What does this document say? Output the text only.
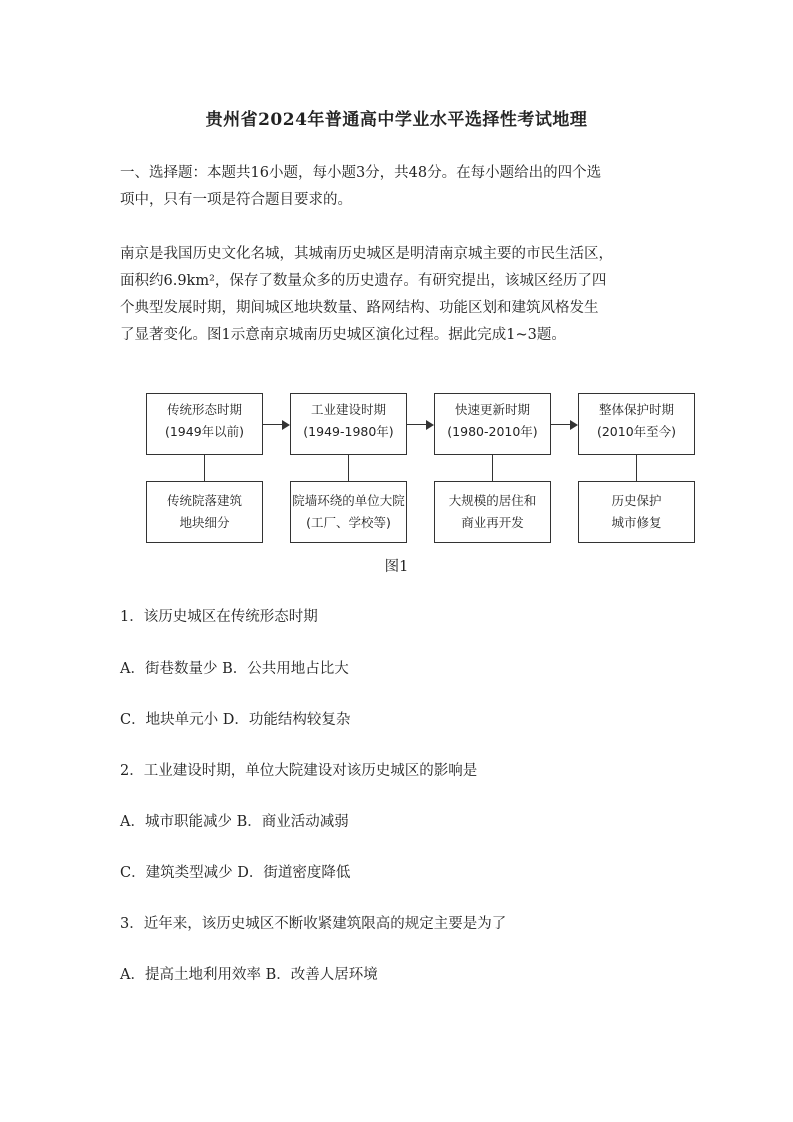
贵州省2024年普通高中学业水平选择性考试地理
一、选择题：本题共16小题，每小题3分，共48分。在每小题给出的四个选
项中，只有一项是符合题目要求的。
南京是我国历史文化名城，其城南历史城区是明清南京城主要的市民生活区，
面积约6.9km²，保存了数量众多的历史遗存。有研究提出，该城区经历了四
个典型发展时期，期间城区地块数量、路网结构、功能区划和建筑风格发生
了显著变化。图1示意南京城南历史城区演化过程。据此完成1~3题。
传统形态时期
(1949年以前)
传统院落建筑
地块细分
工业建设时期
(1949-1980年)
院墙环绕的单位大院
(工厂、学校等)
快速更新时期
(1980-2010年)
大规模的居住和
商业再开发
整体保护时期
(2010年至今)
历史保护
城市修复
图1
1．该历史城区在传统形态时期
A．街巷数量少 B．公共用地占比大
C．地块单元小 D．功能结构较复杂
2．工业建设时期，单位大院建设对该历史城区的影响是
A．城市职能减少 B．商业活动减弱
C．建筑类型减少 D．街道密度降低
3．近年来，该历史城区不断收紧建筑限高的规定主要是为了
A．提高土地利用效率 B．改善人居环境
